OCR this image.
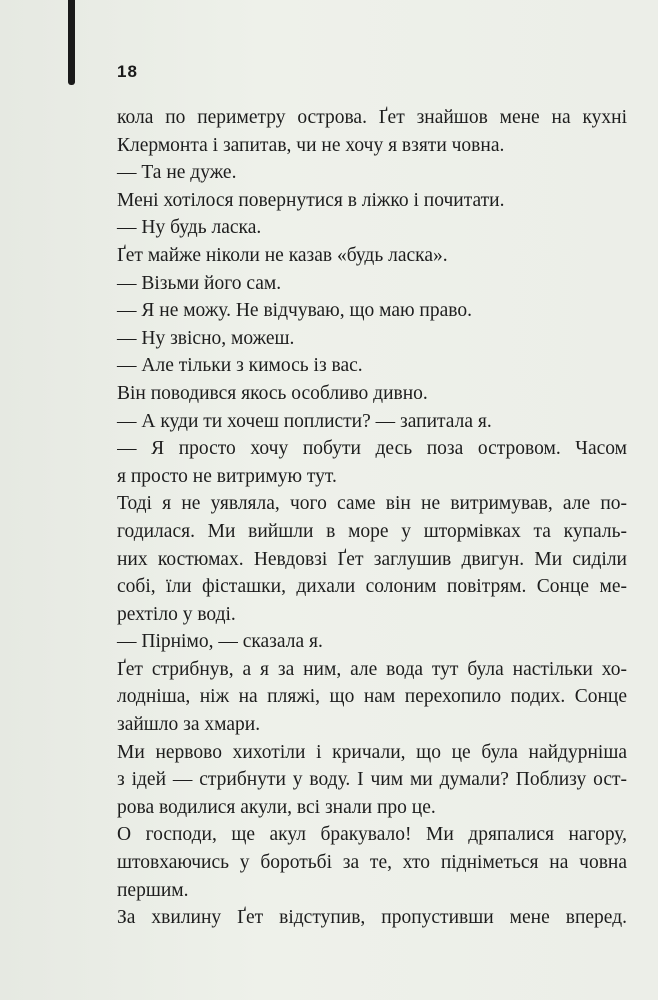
18
кола по периметру острова. Ґет знайшов мене на кухні
Клермонта і запитав, чи не хочу я взяти човна.
— Та не дуже.
Мені хотілося повернутися в ліжко і почитати.
— Ну будь ласка.
Ґет майже ніколи не казав «будь ласка».
— Візьми його сам.
— Я не можу. Не відчуваю, що маю право.
— Ну звісно, можеш.
— Але тільки з кимось із вас.
Він поводився якось особливо дивно.
— А куди ти хочеш поплисти? — запитала я.
— Я просто хочу побути десь поза островом. Часом
я просто не витримую тут.
Тоді я не уявляла, чого саме він не витримував, але по-
годилася. Ми вийшли в море у штормівках та купаль-
них костюмах. Невдовзі Ґет заглушив двигун. Ми сиділи
собі, їли фісташки, дихали солоним повітрям. Сонце ме-
рехтіло у воді.
— Пірнімо, — сказала я.
Ґет стрибнув, а я за ним, але вода тут була настільки хо-
лодніша, ніж на пляжі, що нам перехопило подих. Сонце
зайшло за хмари.
Ми нервово хихотіли і кричали, що це була найдурніша
з ідей — стрибнути у воду. І чим ми думали? Поблизу ост-
рова водилися акули, всі знали про це.
О господи, ще акул бракувало! Ми дряпалися нагору,
штовхаючись у боротьбі за те, хто підніметься на човна
першим.
За хвилину Ґет відступив, пропустивши мене вперед.
